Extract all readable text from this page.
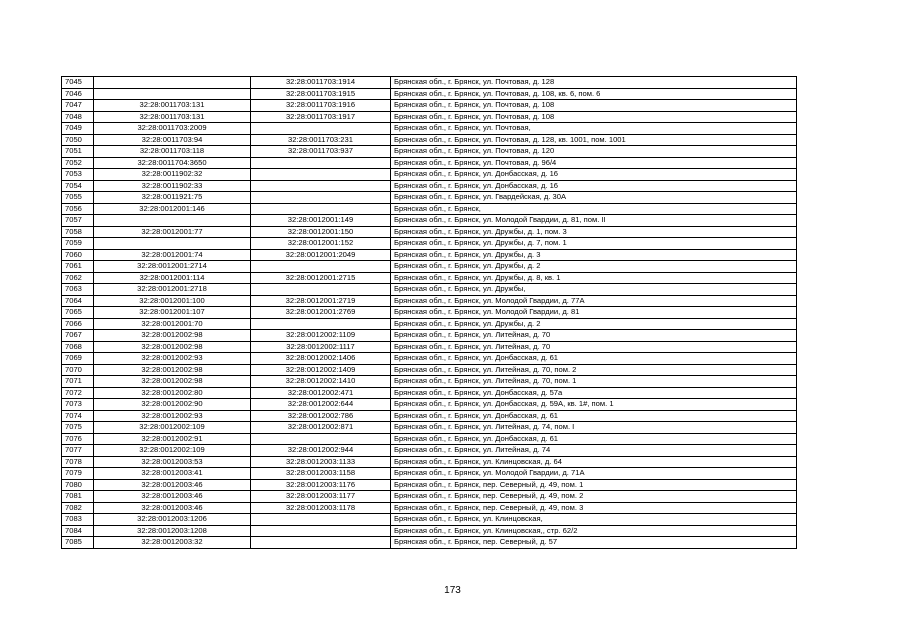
7045		32:28:0011703:1914	Брянская обл., г. Брянск, ул. Почтовая, д. 128
7046		32:28:0011703:1915	Брянская обл., г. Брянск, ул. Почтовая, д. 108, кв. 6, пом. 6
7047	32:28:0011703:131	32:28:0011703:1916	Брянская обл., г. Брянск, ул. Почтовая, д. 108
7048	32:28:0011703:131	32:28:0011703:1917	Брянская обл., г. Брянск, ул. Почтовая, д. 108
7049	32:28:0011703:2009		Брянская обл., г. Брянск, ул. Почтовая,
7050	32:28:0011703:94	32:28:0011703:231	Брянская обл., г. Брянск, ул. Почтовая, д. 128, кв. 1001, пом. 1001
7051	32:28:0011703:118	32:28:0011703:937	Брянская обл., г. Брянск, ул. Почтовая, д. 120
7052	32:28:0011704:3650		Брянская обл., г. Брянск, ул. Почтовая, д. 96/4
7053	32:28:0011902:32		Брянская обл., г. Брянск, ул. Донбасская, д. 16
7054	32:28:0011902:33		Брянская обл., г. Брянск, ул. Донбасская, д. 16
7055	32:28:0011921:75		Брянская обл., г. Брянск, ул. Гвардейская, д. 30А
7056	32:28:0012001:146		Брянская обл., г. Брянск,
7057		32:28:0012001:149	Брянская обл., г. Брянск, ул. Молодой Гвардии, д. 81, пом. II
7058	32:28:0012001:77	32:28:0012001:150	Брянская обл., г. Брянск, ул. Дружбы, д. 1, пом. 3
7059		32:28:0012001:152	Брянская обл., г. Брянск, ул. Дружбы, д. 7, пом. 1
7060	32:28:0012001:74	32:28:0012001:2049	Брянская обл., г. Брянск, ул. Дружбы, д. 3
7061	32:28:0012001:2714		Брянская обл., г. Брянск, ул. Дружбы, д. 2
7062	32:28:0012001:114	32:28:0012001:2715	Брянская обл., г. Брянск, ул. Дружбы, д. 8, кв. 1
7063	32:28:0012001:2718		Брянская обл., г. Брянск, ул. Дружбы,
7064	32:28:0012001:100	32:28:0012001:2719	Брянская обл., г. Брянск, ул. Молодой Гвардии, д. 77А
7065	32:28:0012001:107	32:28:0012001:2769	Брянская обл., г. Брянск, ул. Молодой Гвардии, д. 81
7066	32:28:0012001:70		Брянская обл., г. Брянск, ул. Дружбы, д. 2
7067	32:28:0012002:98	32:28:0012002:1109	Брянская обл., г. Брянск, ул. Литейная, д. 70
7068	32:28:0012002:98	32:28:0012002:1117	Брянская обл., г. Брянск, ул. Литейная, д. 70
7069	32:28:0012002:93	32:28:0012002:1406	Брянская обл., г. Брянск, ул. Донбасская, д. 61
7070	32:28:0012002:98	32:28:0012002:1409	Брянская обл., г. Брянск, ул. Литейная, д. 70, пом. 2
7071	32:28:0012002:98	32:28:0012002:1410	Брянская обл., г. Брянск, ул. Литейная, д. 70, пом. 1
7072	32:28:0012002:80	32:28:0012002:471	Брянская обл., г. Брянск, ул. Донбасская, д. 57а
7073	32:28:0012002:90	32:28:0012002:644	Брянская обл., г. Брянск, ул. Донбасская, д. 59А, кв. 1#, пом. 1
7074	32:28:0012002:93	32:28:0012002:786	Брянская обл., г. Брянск, ул. Донбасская, д. 61
7075	32:28:0012002:109	32:28:0012002:871	Брянская обл., г. Брянск, ул. Литейная, д. 74, пом. I
7076	32:28:0012002:91		Брянская обл., г. Брянск, ул. Донбасская, д. 61
7077	32:28:0012002:109	32:28:0012002:944	Брянская обл., г. Брянск, ул. Литейная, д. 74
7078	32:28:0012003:53	32:28:0012003:1133	Брянская обл., г. Брянск, ул. Клинцовская, д. 64
7079	32:28:0012003:41	32:28:0012003:1158	Брянская обл., г. Брянск, ул. Молодой Гвардии, д. 71А
7080	32:28:0012003:46	32:28:0012003:1176	Брянская обл., г. Брянск, пер. Северный, д. 49, пом. 1
7081	32:28:0012003:46	32:28:0012003:1177	Брянская обл., г. Брянск, пер. Северный, д. 49, пом. 2
7082	32:28:0012003:46	32:28:0012003:1178	Брянская обл., г. Брянск, пер. Северный, д. 49, пом. 3
7083	32:28:0012003:1206		Брянская обл., г. Брянск, ул. Клинцовская,
7084	32:28:0012003:1208		Брянская обл., г. Брянск, ул. Клинцовская,, стр. 62/2
7085	32:28:0012003:32		Брянская обл., г. Брянск, пер. Северный, д. 57
173
